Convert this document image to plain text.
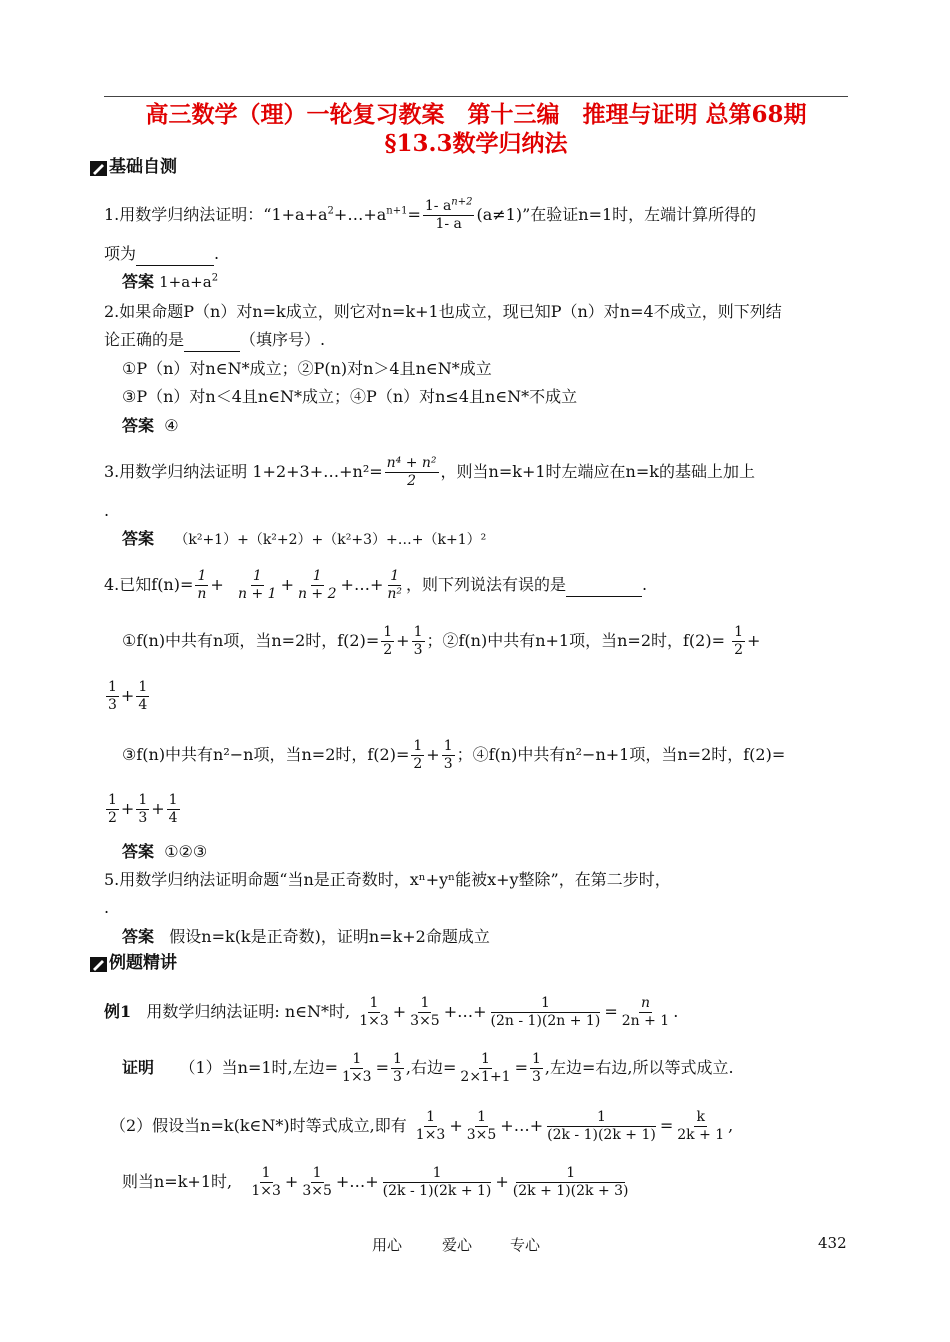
高三数学（理）一轮复习教案　第十三编　推理与证明 总第68期
§13.3数学归纳法
基础自测
1.用数学归纳法证明：“$1+a+a^2+\dots+a^{n+1}= \frac{1- a^{n+2}}{1- a} (a\ne 1)$”在验证n=1时，左端计算所得的
项为	.
答案 $1+a+a^2$
2.如果命题P（n）对n=k成立，则它对n=k+1也成立，现已知P（n）对n=4不成立，则下列结
论正确的是	（填序号）.
①P（n）对n∈N*成立；②P(n)对n＞4且n∈N*成立
③P（n）对n＜4且n∈N*成立；④P（n）对n≤4且n∈N*不成立
答案 ④
3.用数学归纳法证明 1+2+3+…+n²= $\frac{\text{n⁴ + n²}}{2}$ ，则当n=k+1时左端应在n=k的基础上加上
.
答案 （k²+1）+（k²+2）+（k²+3）+…+（k+1）²
4.已知$f(n)= \frac{1}{n} + \frac{1}{n + 1} + \frac{1}{n + 2}$ +…+ $\frac{1}{\text{n²}}$ ，则下列说法有误的是	.
①f(n)中共有n项，当n=2时，$f(2)= \frac{1}{2} + \frac{1}{3}$ ；②f(n)中共有n+1项，当n=2时，$f(2)= \frac{1}{2}$ +
$\frac{1}{3} + \frac{1}{4}$
③f(n)中共有n²−n项，当n=2时，$f(2)= \frac{1}{2} + \frac{1}{3}$ ；④f(n)中共有n²−n+1项，当n=2时，f(2)=
$\frac{1}{2} + \frac{1}{3} + \frac{1}{4}$
答案 ①②③
5.用数学归纳法证明命题“当n是正奇数时，xⁿ+yⁿ能被x+y整除”，在第二步时，
.
答案 假设n=k(k是正奇数)，证明n=k+2命题成立
例题精讲
例1 用数学归纳法证明: n∈N*时, $\frac{1}{1\times 3} + \frac{1}{3\times 5}$ +…+ $\frac{1}{(2n - 1)(2n + 1)} = \frac{n}{2n + 1}$ .
证明 （1）当n=1时,左边= $\frac{1}{1\times 3} = \frac{1}{3}$ ,右边= $\frac{1}{2\times 1+1} = \frac{1}{3}$ ,左边=右边,所以等式成立.
（2）假设当n=k(k∈N*)时等式成立,即有 $\frac{1}{1\times 3} + \frac{1}{3\times 5}$ +…+ $\frac{1}{(2k - 1)(2k + 1)} = \frac{k}{2k + 1}$ ,
则当n=k+1时, $\frac{1}{1\times 3} + \frac{1}{3\times 5}$ +…+ $\frac{1}{(2k - 1)(2k + 1)} + \frac{1}{(2k + 1)(2k + 3)}$
用心	爱心	专心	432
